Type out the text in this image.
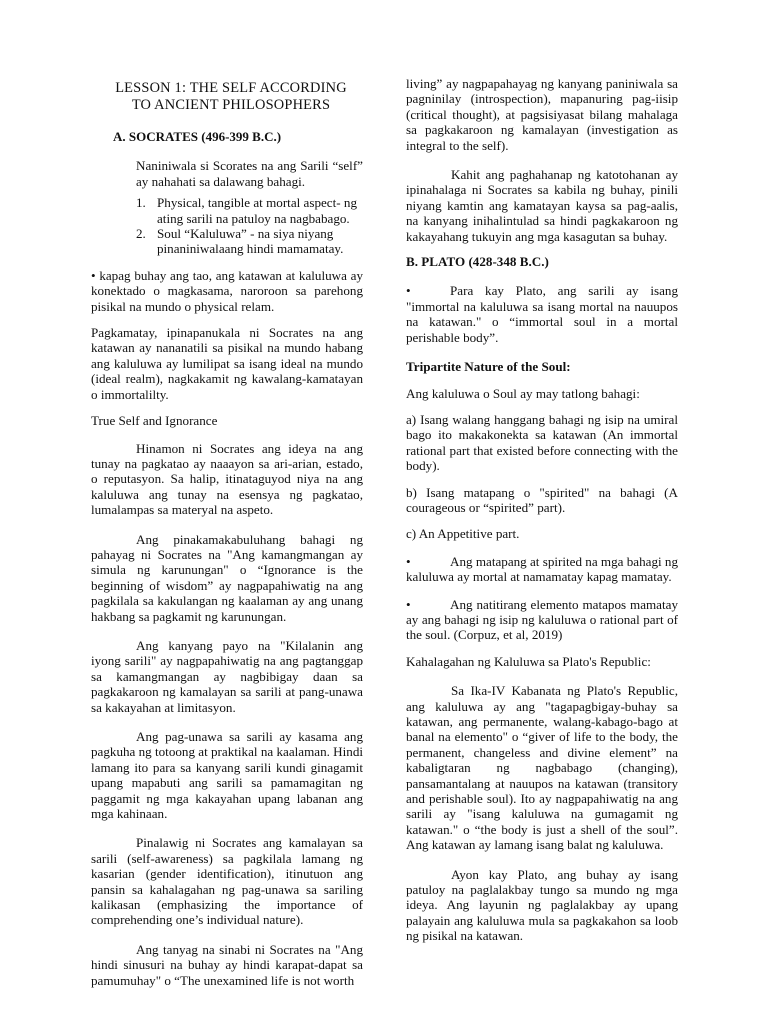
LESSON 1: THE SELF ACCORDING
TO ANCIENT PHILOSOPHERS
A. SOCRATES (496-399 B.C.)

Naniniwala si Scorates na ang Sarili “self” ay nahahati sa dalawang bahagi.

1. Physical, tangible at mortal aspect- ng ating sarili na patuloy na nagbabago.
2. Soul “Kaluluwa” - na siya niyang pinaniniwalaang hindi mamamatay.

• kapag buhay ang tao, ang katawan at kaluluwa ay konektado o magkasama, naroroon sa parehong pisikal na mundo o physical relam.

Pagkamatay, ipinapanukala ni Socrates na ang katawan ay nananatili sa pisikal na mundo habang ang kaluluwa ay lumilipat sa isang ideal na mundo (ideal realm), nagkakamit ng kawalang-kamatayan o immortalilty.

True Self and Ignorance

Hinamon ni Socrates ang ideya na ang tunay na pagkatao ay naaayon sa ari-arian, estado, o reputasyon. Sa halip, itinataguyod niya na ang kaluluwa ang tunay na esensya ng pagkatao, lumalampas sa materyal na aspeto.

Ang pinakamakabuluhang bahagi ng pahayag ni Socrates na "Ang kamangmangan ay simula ng karunungan" o “Ignorance is the beginning of wisdom” ay nagpapahiwatig na ang pagkilala sa kakulangan ng kaalaman ay ang unang hakbang sa pagkamit ng karunungan.

Ang kanyang payo na "Kilalanin ang iyong sarili" ay nagpapahiwatig na ang pagtanggap sa kamangmangan ay nagbibigay daan sa pagkakaroon ng kamalayan sa sarili at pang-unawa sa kakayahan at limitasyon.

Ang pag-unawa sa sarili ay kasama ang pagkuha ng totoong at praktikal na kaalaman. Hindi lamang ito para sa kanyang sarili kundi ginagamit upang mapabuti ang sarili sa pamamagitan ng paggamit ng mga kakayahan upang labanan ang mga kahinaan.

Pinalawig ni Socrates ang kamalayan sa sarili (self-awareness) sa pagkilala lamang ng kasarian (gender identification), itinutuon ang pansin sa kahalagahan ng pag-unawa sa sariling kalikasan (emphasizing the importance of comprehending one’s individual nature).

Ang tanyag na sinabi ni Socrates na "Ang hindi sinusuri na buhay ay hindi karapat-dapat sa pamumuhay" o “The unexamined life is not worth

living” ay nagpapahayag ng kanyang paniniwala sa pagninilay (introspection), mapanuring pag-iisip (critical thought), at pagsisiyasat bilang mahalaga sa pagkakaroon ng kamalayan (investigation as integral to the self).

Kahit ang paghahanap ng katotohanan ay ipinahalaga ni Socrates sa kabila ng buhay, pinili niyang kamtin ang kamatayan kaysa sa pag-aalis, na kanyang inihalintulad sa hindi pagkakaroon ng kakayahang tukuyin ang mga kasagutan sa buhay.

B. PLATO (428-348 B.C.)

•	Para kay Plato, ang sarili ay isang "immortal na kaluluwa sa isang mortal na nauupos na katawan." o “immortal soul in a mortal perishable body”.

Tripartite Nature of the Soul:

Ang kaluluwa o Soul ay may tatlong bahagi:

a) Isang walang hanggang bahagi ng isip na umiral bago ito makakonekta sa katawan (An immortal rational part that existed before connecting with the body).

b) Isang matapang o "spirited" na bahagi (A courageous or “spirited” part).

c) An Appetitive part.

•	Ang matapang at spirited na mga bahagi ng kaluluwa ay mortal at namamatay kapag mamatay.

•	Ang natitirang elemento matapos mamatay ay ang bahagi ng isip ng kaluluwa o rational part of the soul. (Corpuz, et al, 2019)

Kahalagahan ng Kaluluwa sa Plato's Republic:

Sa Ika-IV Kabanata ng Plato's Republic, ang kaluluwa ay ang "tagapagbigay-buhay sa katawan, ang permanente, walang-kabago-bago at banal na elemento" o “giver of life to the body, the permanent, changeless and divine element” na kabaligtaran ng nagbabago (changing), pansamantalang at nauupos na katawan (transitory and perishable soul). Ito ay nagpapahiwatig na ang sarili ay "isang kaluluwa na gumagamit ng katawan." o “the body is just a shell of the soul”. Ang katawan ay lamang isang balat ng kaluluwa.

Ayon kay Plato, ang buhay ay isang patuloy na paglalakbay tungo sa mundo ng mga ideya. Ang layunin ng paglalakbay ay upang palayain ang kaluluwa mula sa pagkakahon sa loob ng pisikal na katawan.
